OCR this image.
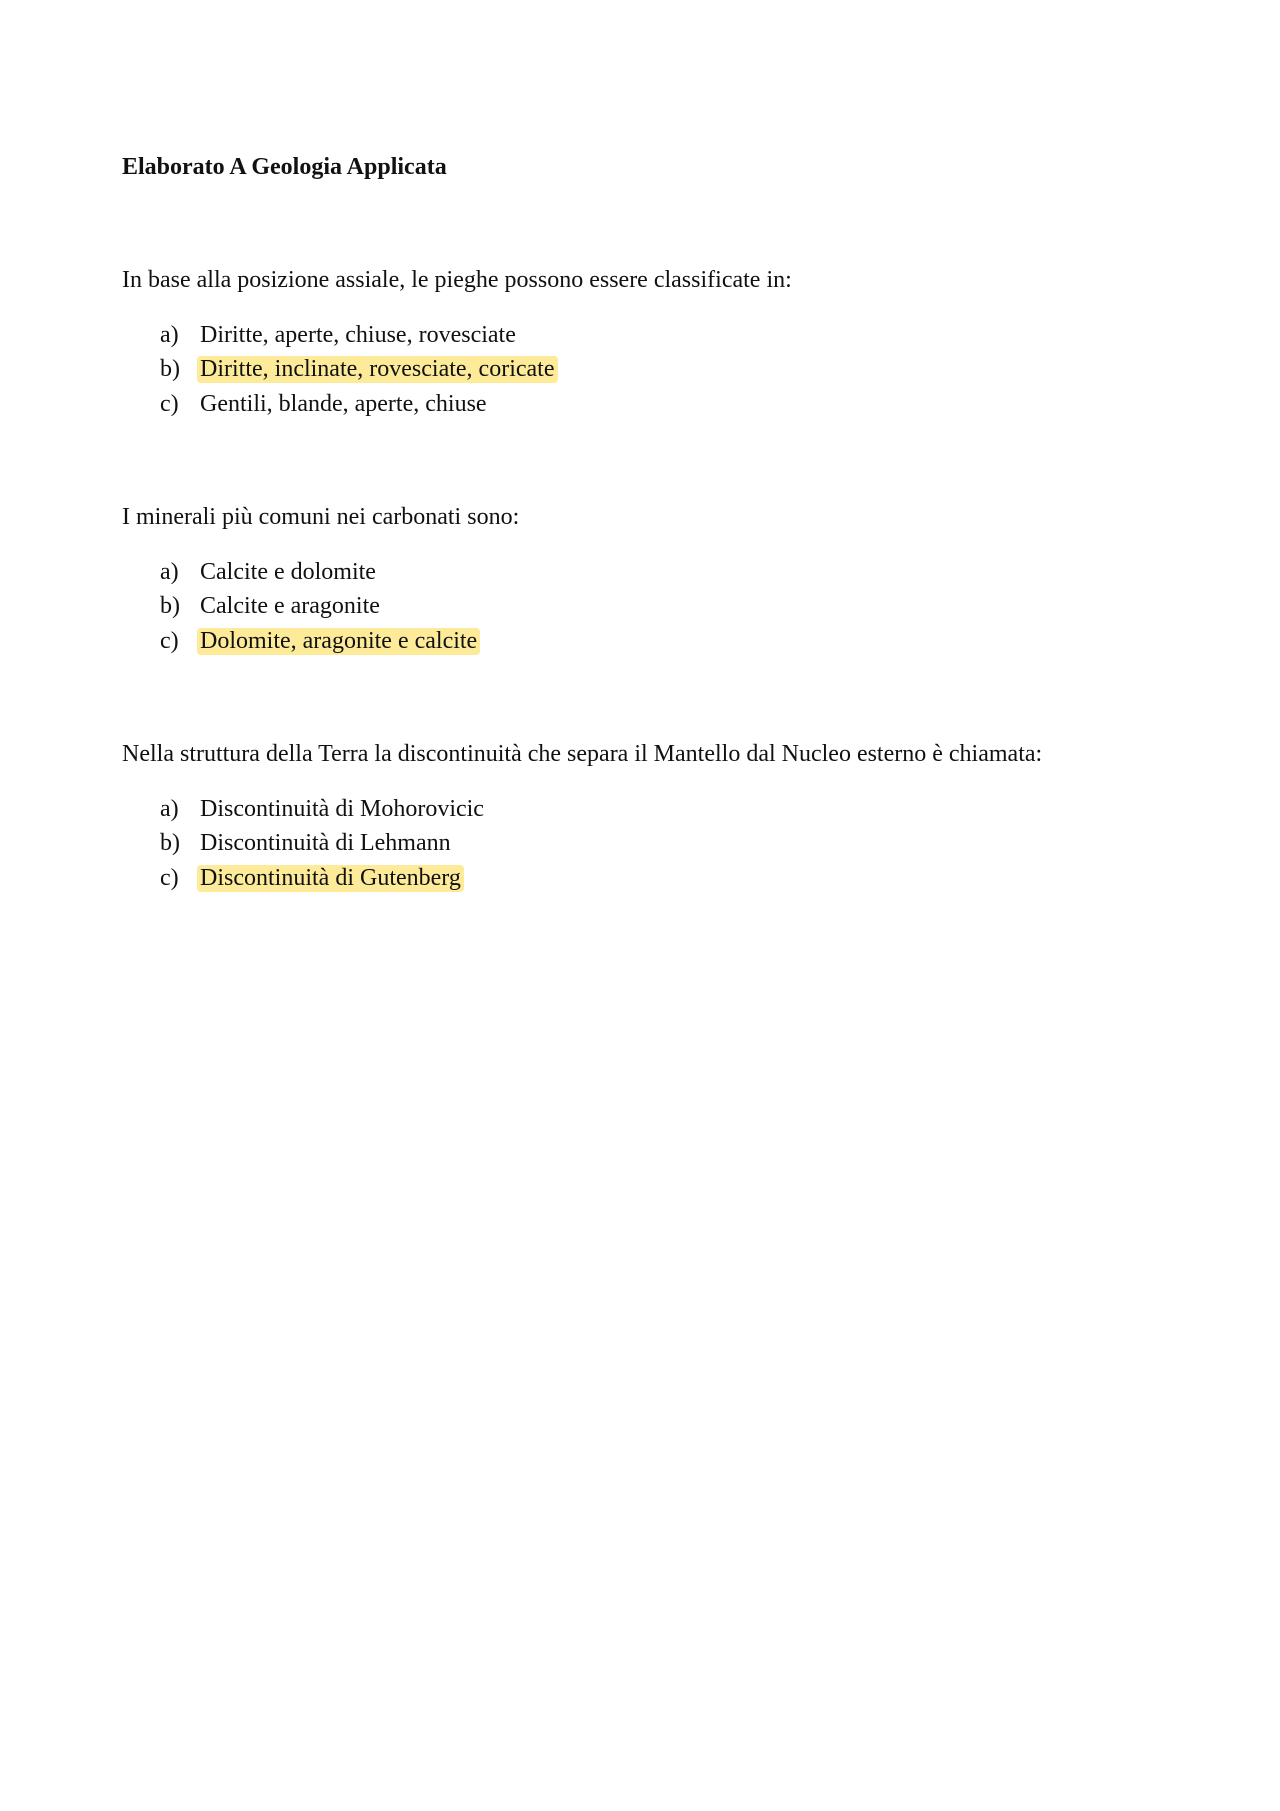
Elaborato A Geologia Applicata
In base alla posizione assiale, le pieghe possono essere classificate in:
a) Diritte, aperte, chiuse, rovesciate
b) Diritte, inclinate, rovesciate, coricate
c) Gentili, blande, aperte, chiuse
I minerali più comuni nei carbonati sono:
a) Calcite e dolomite
b) Calcite e aragonite
c) Dolomite, aragonite e calcite
Nella struttura della Terra la discontinuità che separa il Mantello dal Nucleo esterno è chiamata:
a) Discontinuità di Mohorovicic
b) Discontinuità di Lehmann
c) Discontinuità di Gutenberg
